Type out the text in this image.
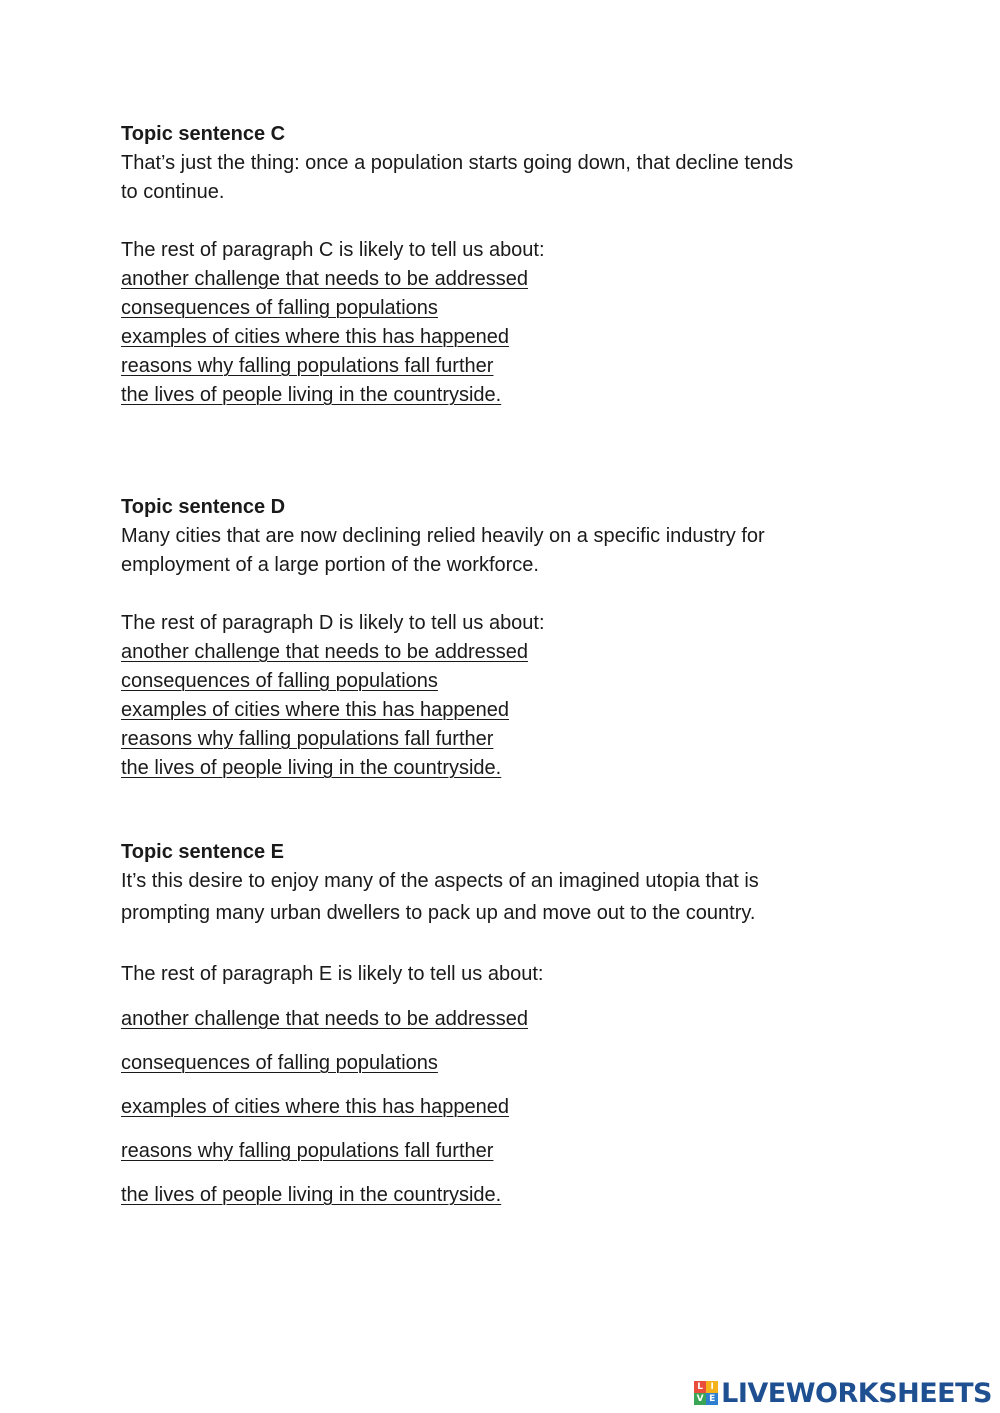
Topic sentence C

That’s just the thing: once a population starts going down, that decline tends

to continue.

The rest of paragraph C is likely to tell us about:

another challenge that needs to be addressed
consequences of falling populations
examples of cities where this has happened
reasons why falling populations fall further
the lives of people living in the countryside.

Topic sentence D

Many cities that are now declining relied heavily on a specific industry for

employment of a large portion of the workforce.

The rest of paragraph D is likely to tell us about:

another challenge that needs to be addressed
consequences of falling populations
examples of cities where this has happened
reasons why falling populations fall further
the lives of people living in the countryside.

Topic sentence E

It’s this desire to enjoy many of the aspects of an imagined utopia that is

prompting many urban dwellers to pack up and move out to the country.

The rest of paragraph E is likely to tell us about:

another challenge that needs to be addressed
consequences of falling populations
examples of cities where this has happened
reasons why falling populations fall further
the lives of people living in the countryside.
L I
V E LIVEWORKSHEETS
